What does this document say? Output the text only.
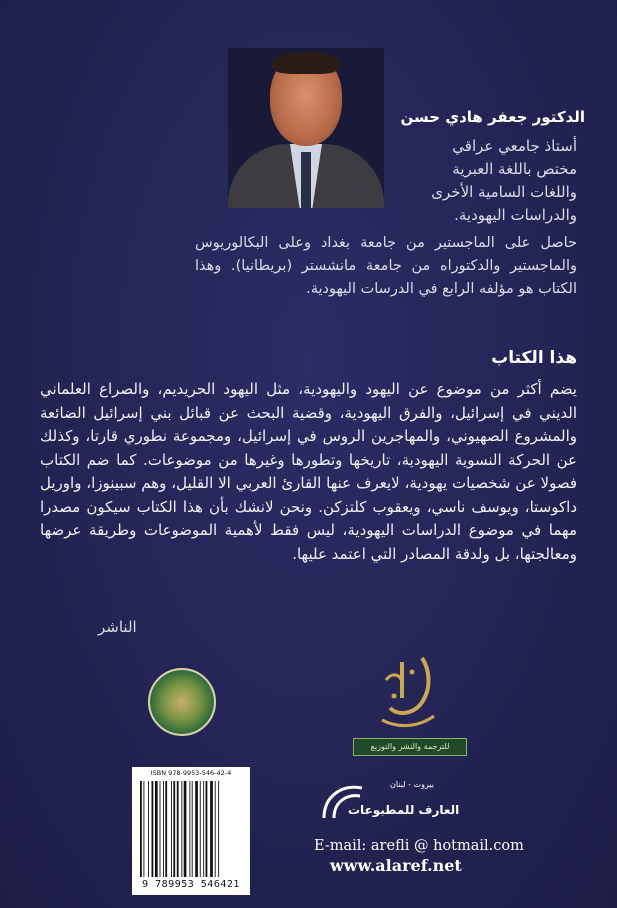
الدكتور جعفر هادي حسن
أستاذ جامعي عراقي
مختص باللغة العبرية
واللغات السامية الأخرى
والدراسات اليهودية.
حاصل على الماجستير من جامعة بغداد وعلى البكالوريوس والماجستير والدكتوراه من جامعة مانشستر (بريطانيا). وهذا الكتاب هو مؤلفه الرابع في الدرسات اليهودية.
هذا الكتاب
يضم أكثر من موضوع عن اليهود واليهودية، مثل اليهود الحريديم، والصراع العلماني الديني في إسرائيل، والفرق اليهودية، وقضية البحث عن قبائل بني إسرائيل الضائعة والمشروع الصهيوني، والمهاجرين الروس في إسرائيل، ومجموعة نطوري قارتا، وكذلك عن الحركة النسوية اليهودية، تاريخها وتطورها وغيرها من موضوعات. كما ضم الكتاب فصولا عن شخصيات يهودية، لايعرف عنها القارئ العربي الا القليل، وهم سبينوزا، واوريل داكوستا، ويوسف ناسي، ويعقوب كلتزكن. ونحن لانشك بأن هذا الكتاب سيكون مصدرا مهما في موضوع الدراسات اليهودية، ليس فقط لأهمية الموضوعات وطريقة عرضها ومعالجتها، بل ولدقة المصادر التي اعتمد عليها.
الناشر
للترجمة والنشر والتوزيع
ISBN 978-9953-546-42-4
9 789953 546421
بيروت - لبنان
العارف للمطبوعات
E-mail: arefli @ hotmail.com
www.alaref.net
